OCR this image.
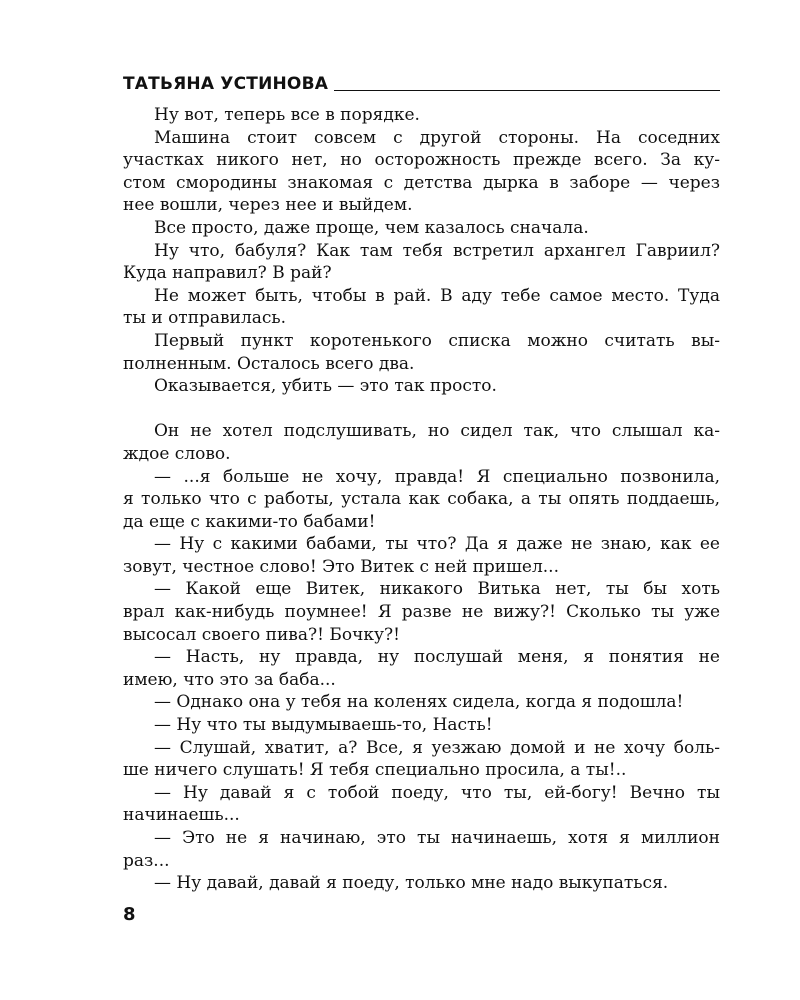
ТАТЬЯНА УСТИНОВА

Ну вот, теперь все в порядке.

Машина стоит совсем с другой стороны. На соседних
участках никого нет, но осторожность прежде всего. За ку-
стом смородины знакомая с детства дырка в заборе — через
нее вошли, через нее и выйдем.

Все просто, даже проще, чем казалось сначала.

Ну что, бабуля? Как там тебя встретил архангел Гавриил?
Куда направил? В рай?

Не может быть, чтобы в рай. В аду тебе самое место. Туда
ты и отправилась.

Первый пункт коротенького списка можно считать вы-
полненным. Осталось всего два.

Оказывается, убить — это так просто.

Он не хотел подслушивать, но сидел так, что слышал ка-
ждое слово.

— ...я больше не хочу, правда! Я специально позвонила,
я только что с работы, устала как собака, а ты опять поддаешь,
да еще с какими-то бабами!

— Ну с какими бабами, ты что? Да я даже не знаю, как ее
зовут, честное слово! Это Витек с ней пришел...

— Какой еще Витек, никакого Витька нет, ты бы хоть
врал как-нибудь поумнее! Я разве не вижу?! Сколько ты уже
высосал своего пива?! Бочку?!

— Насть, ну правда, ну послушай меня, я понятия не
имею, что это за баба...

— Однако она у тебя на коленях сидела, когда я подошла!

— Ну что ты выдумываешь-то, Насть!

— Слушай, хватит, а? Все, я уезжаю домой и не хочу боль-
ше ничего слушать! Я тебя специально просила, а ты!..

— Ну давай я с тобой поеду, что ты, ей-богу! Вечно ты
начинаешь...

— Это не я начинаю, это ты начинаешь, хотя я миллион
раз...

— Ну давай, давай я поеду, только мне надо выкупаться.

8
